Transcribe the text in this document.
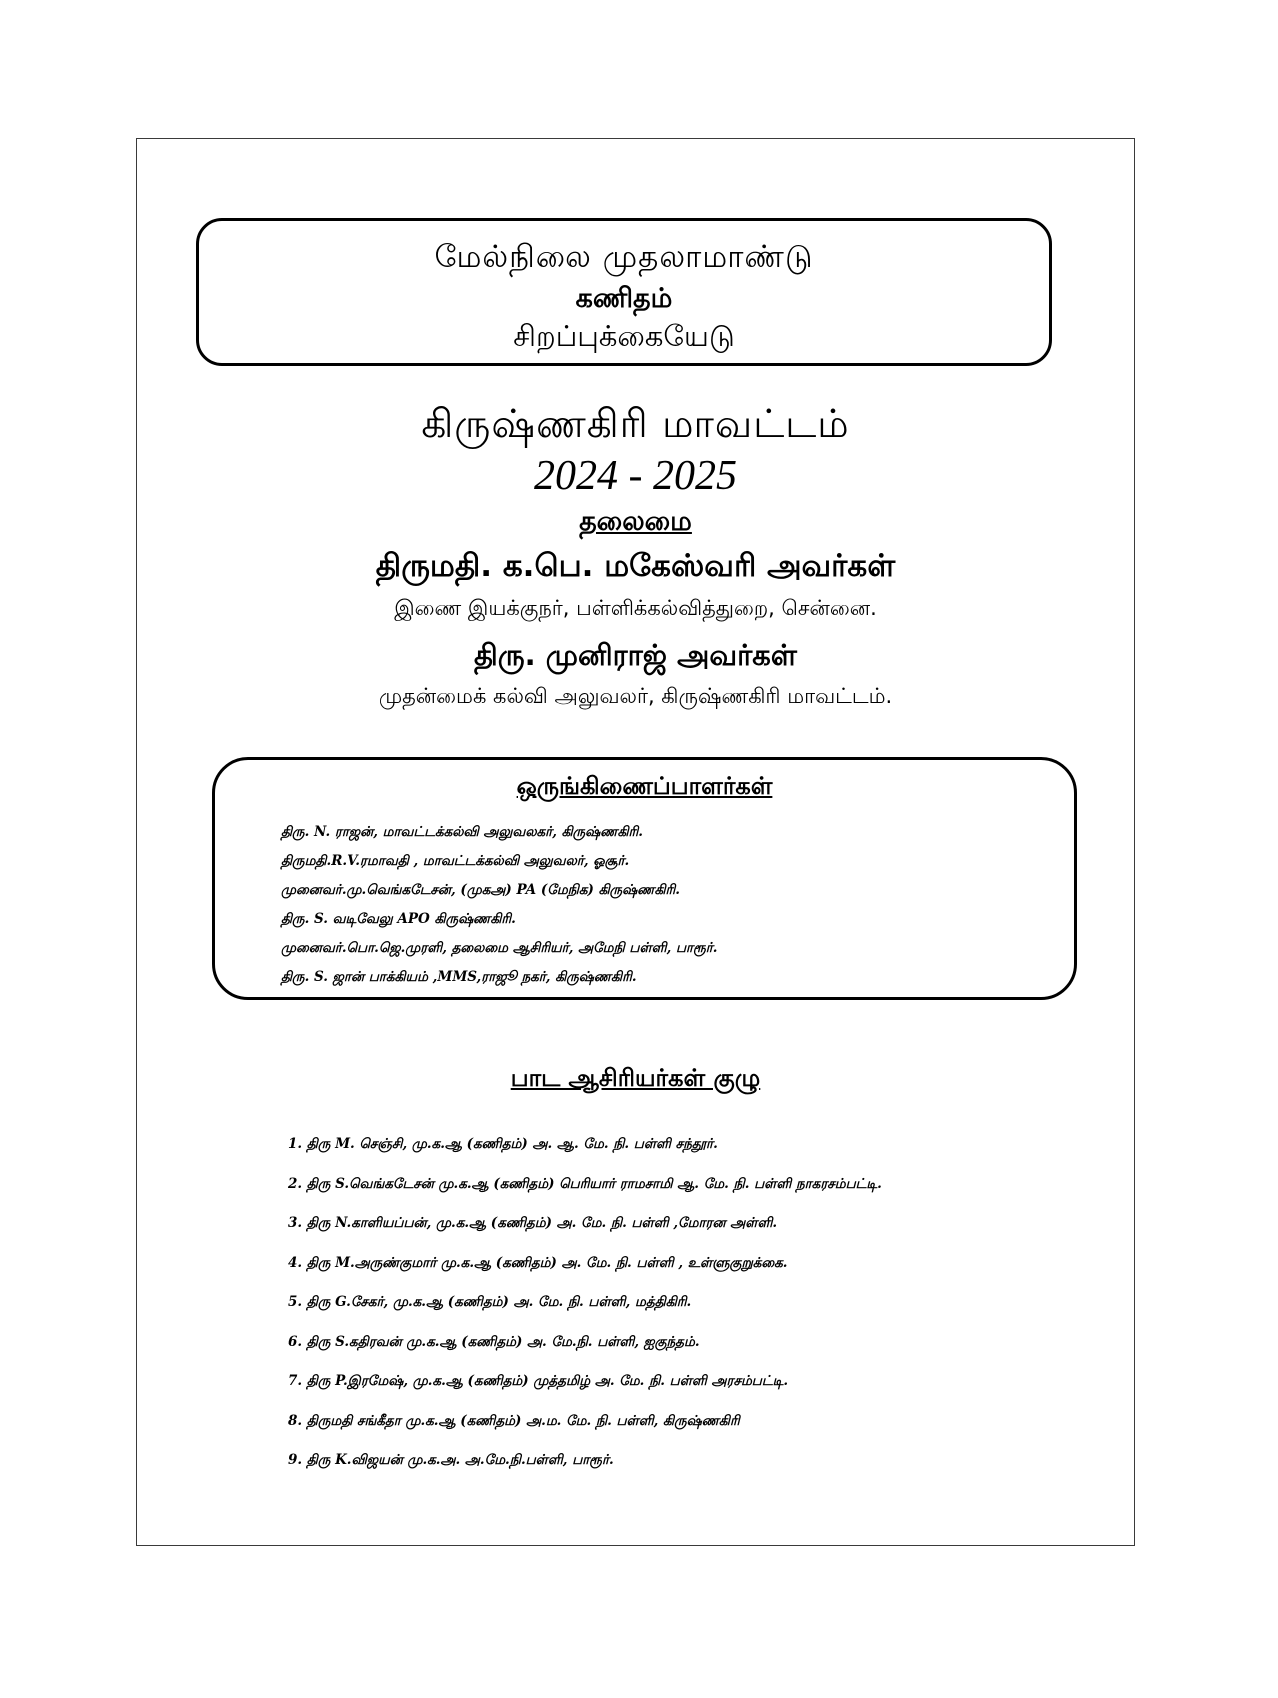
மேல்நிலை முதலாமாண்டு
கணிதம்
சிறப்புக்கையேடு
கிருஷ்ணகிரி மாவட்டம்
2024 - 2025
தலைமை
திருமதி. க.பெ. மகேஸ்வரி அவர்கள்
இணை இயக்குநர், பள்ளிக்கல்வித்துறை, சென்னை.
திரு. முனிராஜ் அவர்கள்
முதன்மைக் கல்வி அலுவலர், கிருஷ்ணகிரி மாவட்டம்.
ஒருங்கிணைப்பாளர்கள்
திரு. N. ராஜன், மாவட்டக்கல்வி அலுவலகர், கிருஷ்ணகிரி.
திருமதி.R.V.ரமாவதி , மாவட்டக்கல்வி அலுவலர், ஓசூர்.
முனைவர்.மு.வெங்கடேசன், (முகஅ) PA (மேநிக) கிருஷ்ணகிரி.
திரு. S. வடிவேலு APO கிருஷ்ணகிரி.
முனைவர்.பொ.ஜெ.முரளி, தலைமை ஆசிரியர், அமேநி பள்ளி, பாரூர்.
திரு. S. ஜான் பாக்கியம் ,MMS,ராஜூ நகர், கிருஷ்ணகிரி.
பாட ஆசிரியர்கள் குழு
1. திரு M. செஞ்சி, மு.க.ஆ (கணிதம்) அ. ஆ. மே. நி. பள்ளி சந்தூர்.
2. திரு S.வெங்கடேசன் மு.க.ஆ (கணிதம்) பெரியார் ராமசாமி ஆ. மே. நி. பள்ளி நாகரசம்பட்டி.
3. திரு N.காளியப்பன், மு.க.ஆ (கணிதம்) அ. மே. நி. பள்ளி ,மோரன அள்ளி.
4. திரு M.அருண்குமார் மு.க.ஆ (கணிதம்) அ. மே. நி. பள்ளி , உள்ளுகுறுக்கை.
5. திரு G.சேகர், மு.க.ஆ (கணிதம்) அ. மே. நி. பள்ளி, மத்திகிரி.
6. திரு S.கதிரவன் மு.க.ஆ (கணிதம்) அ. மே.நி. பள்ளி, ஐகுந்தம்.
7. திரு P.இரமேஷ், மு.க.ஆ (கணிதம்) முத்தமிழ் அ. மே. நி. பள்ளி அரசம்பட்டி.
8. திருமதி சங்கீதா மு.க.ஆ (கணிதம்) அ.ம. மே. நி. பள்ளி, கிருஷ்ணகிரி
9. திரு K.விஜயன் மு.க.அ. அ.மே.நி.பள்ளி, பாரூர்.
